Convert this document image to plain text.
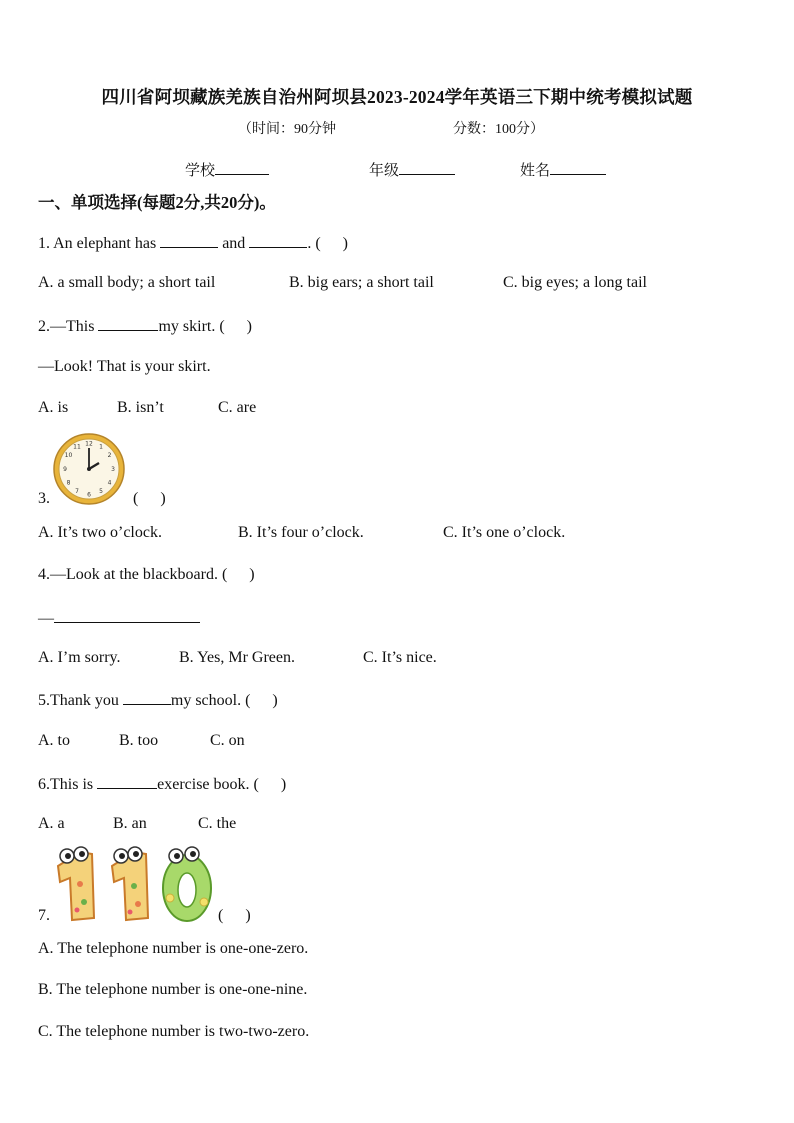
四川省阿坝藏族羌族自治州阿坝县2023-2024学年英语三下期中统考模拟试题
（时间：90分钟	分数：100分）
学校	年级	姓名
一、单项选择(每题2分,共20分)。
1. An elephant has	and	. ( )
A. a small body; a short tail	B. big ears; a short tail	C. big eyes; a long tail
2.—This	my skirt. ( )
—Look! That is your skirt.
A. is	B. isn’t	C. are
3.
12 1
2
3
4
5
6
7
8
9
10
11
( )
A. It’s two o’clock.	B. It’s four o’clock.	C. It’s one o’clock.
4.—Look at the blackboard. ( )
—
A. I’m sorry.	B. Yes, Mr Green.	C. It’s nice.
5.Thank you	my school. ( )
A. to	B. too	C. on
6.This is	exercise book. ( )
A. a	B. an	C. the
7.	( )
A. The telephone number is one-one-zero.
B. The telephone number is one-one-nine.
C. The telephone number is two-two-zero.
